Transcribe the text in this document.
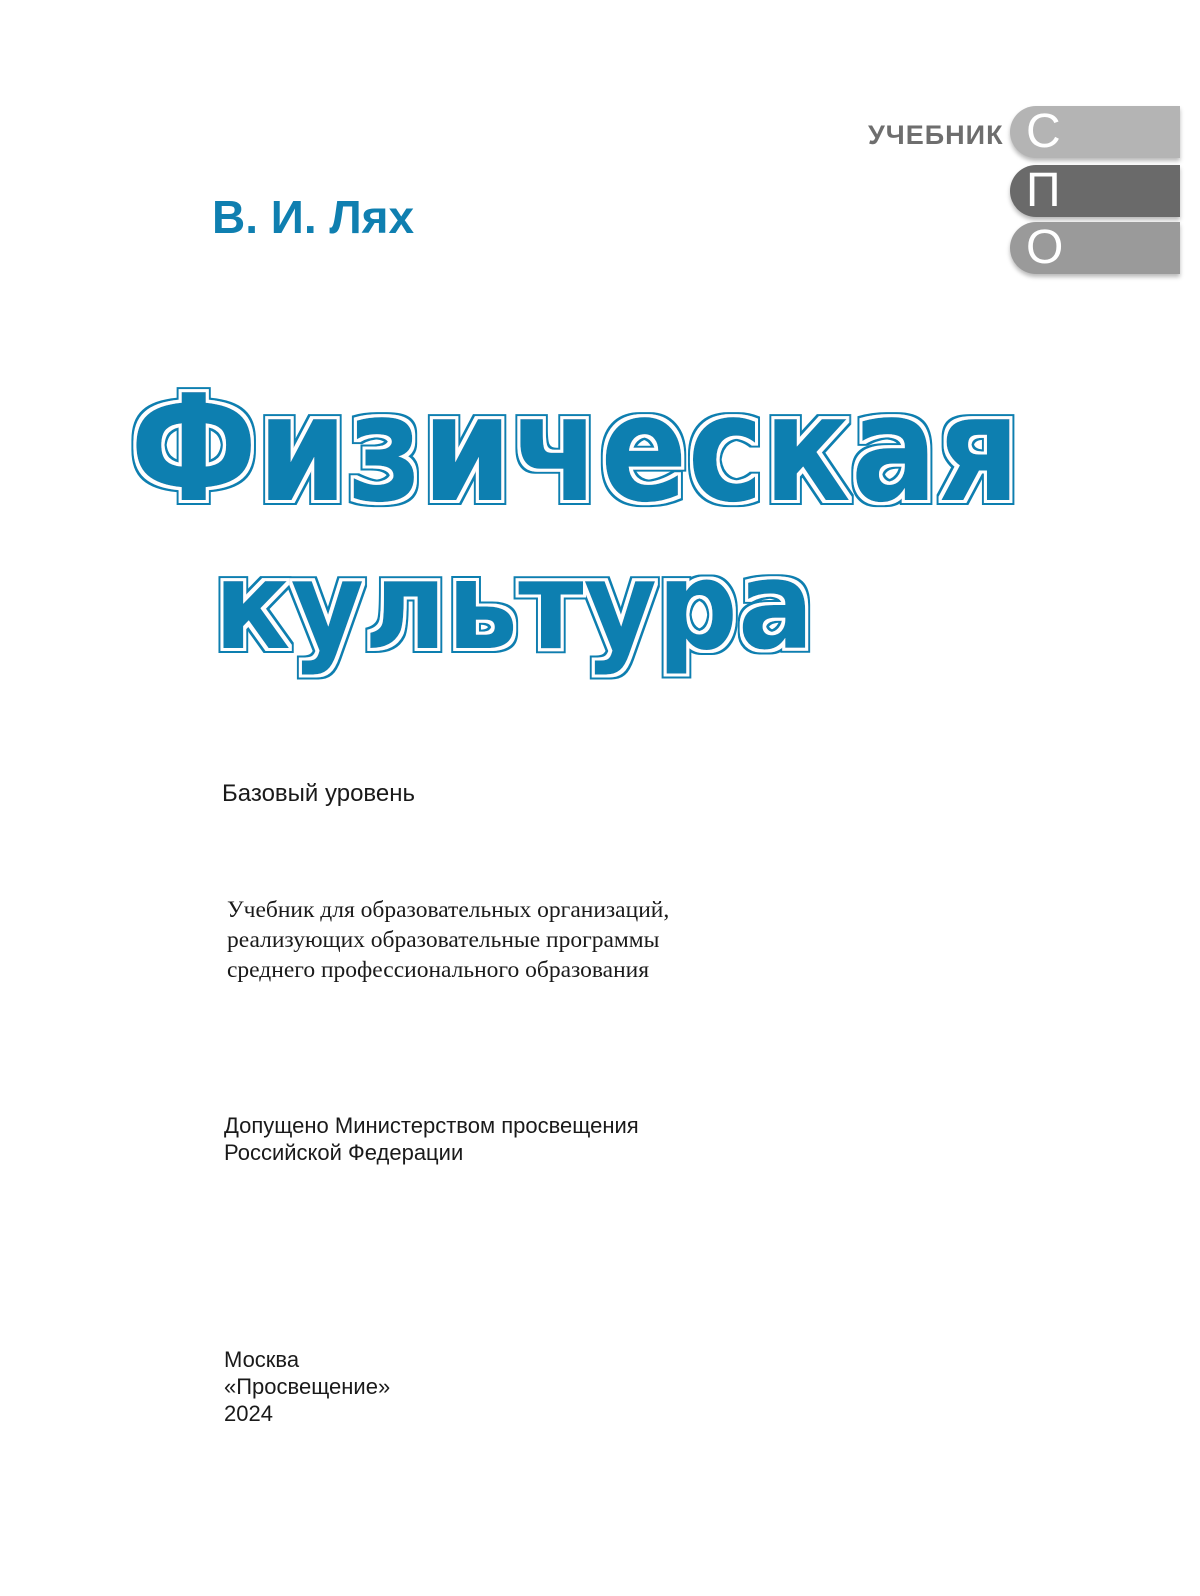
УЧЕБНИК С
П
О
В. И. Лях
Физическая
культура
Базовый уровень
Учебник для образовательных организаций,
реализующих образовательные программы
среднего профессионального образования
Допущено Министерством просвещения
Российской Федерации
Москва
«Просвещение»
2024
